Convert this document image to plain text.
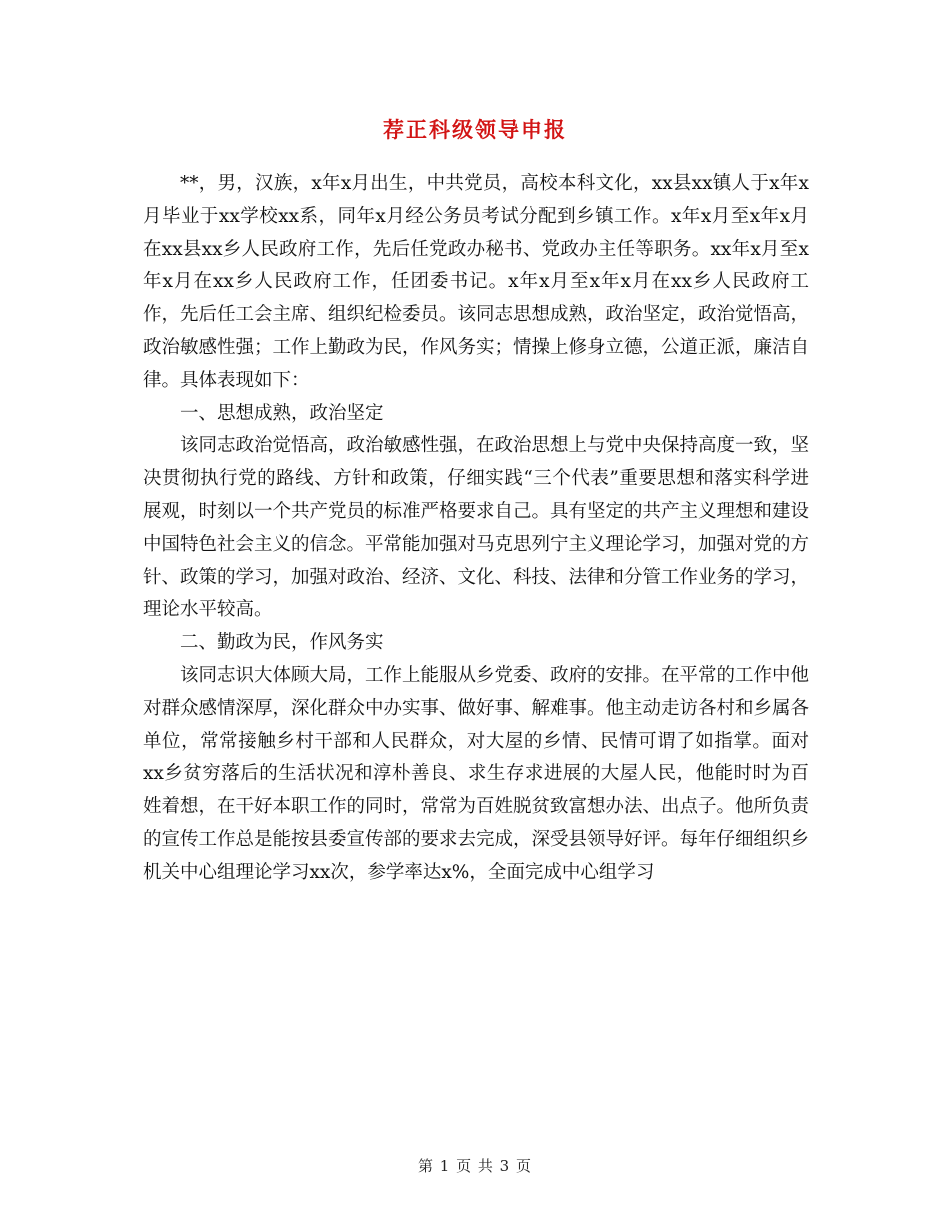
荐正科级领导申报

**，男，汉族，x年x月出生，中共党员，高校本科文化，xx县xx镇人于x年x月毕业于xx学校xx系，同年x月经公务员考试分配到乡镇工作。x年x月至x年x月在xx县xx乡人民政府工作，先后任党政办秘书、党政办主任等职务。xx年x月至x年x月在xx乡人民政府工作，任团委书记。x年x月至x年x月在xx乡人民政府工作，先后任工会主席、组织纪检委员。该同志思想成熟，政治坚定，政治觉悟高，政治敏感性强；工作上勤政为民，作风务实；情操上修身立德，公道正派，廉洁自律。具体表现如下：

一、思想成熟，政治坚定

该同志政治觉悟高，政治敏感性强，在政治思想上与党中央保持高度一致，坚决贯彻执行党的路线、方针和政策，仔细实践“三个代表”重要思想和落实科学进展观，时刻以一个共产党员的标准严格要求自己。具有坚定的共产主义理想和建设中国特色社会主义的信念。平常能加强对马克思列宁主义理论学习，加强对党的方针、政策的学习，加强对政治、经济、文化、科技、法律和分管工作业务的学习，理论水平较高。

二、勤政为民，作风务实

该同志识大体顾大局，工作上能服从乡党委、政府的安排。在平常的工作中他对群众感情深厚，深化群众中办实事、做好事、解难事。他主动走访各村和乡属各单位，常常接触乡村干部和人民群众，对大屋的乡情、民情可谓了如指掌。面对xx乡贫穷落后的生活状况和淳朴善良、求生存求进展的大屋人民，他能时时为百姓着想，在干好本职工作的同时，常常为百姓脱贫致富想办法、出点子。他所负责的宣传工作总是能按县委宣传部的要求去完成，深受县领导好评。每年仔细组织乡机关中心组理论学习xx次，参学率达x%，全面完成中心组学习

第 1 页 共 3 页
